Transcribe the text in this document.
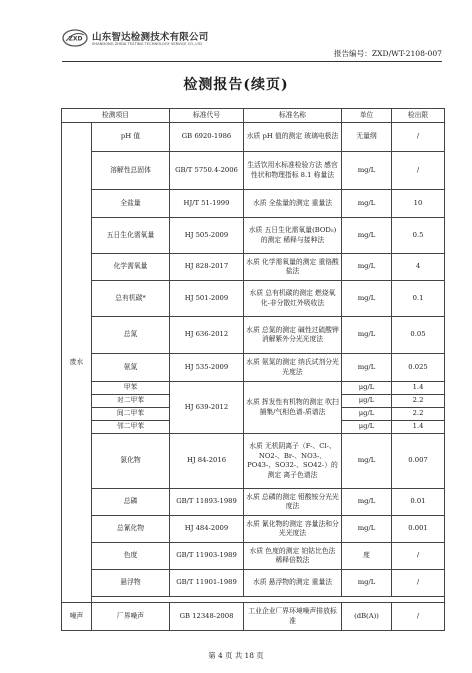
ZXD 山东智达检测技术有限公司
SHANDONG ZHIDA TESTING TECHNOLOGY SERVICE CO.,LTD
报告编号：ZXD/WT-2108-007
检测报告(续页)
检测项目		标准代号	标准名称	单位	检出限
废水	pH 值	GB 6920-1986	水质 pH 值的测定 玻璃电极法	无量纲	/
	溶解性总固体	GB/T 5750.4-2006	生活饮用水标准检验方法 感官性状和物理指标 8.1 称量法	mg/L	/
	全盐量	HJ/T 51-1999	水质 全盐量的测定 重量法	mg/L	10
	五日生化需氧量	HJ 505-2009	水质 五日生化需氧量(BOD₅)的测定 稀释与接种法	mg/L	0.5
	化学需氧量	HJ 828-2017	水质 化学需氧量的测定 重铬酸盐法	mg/L	4
	总有机碳*	HJ 501-2009	水质 总有机碳的测定 燃烧氧化-非分散红外吸收法	mg/L	0.1
	总氮	HJ 636-2012	水质 总氮的测定 碱性过硫酸钾消解紫外分光光度法	mg/L	0.05
	氨氮	HJ 535-2009	水质 氨氮的测定 纳氏试剂分光光度法	mg/L	0.025
	甲苯	HJ 639-2012	水质 挥发性有机物的测定 吹扫捕集/气相色谱-质谱法	μg/L	1.4
	对二甲苯			μg/L	2.2
	间二甲苯			μg/L	2.2
	邻二甲苯			μg/L	1.4
	氯化物	HJ 84-2016	水质 无机阴离子（F-、Cl-、NO2-、Br-、NO3-、PO43-、SO32-、SO42-）的测定 离子色谱法	mg/L	0.007
	总磷	GB/T 11893-1989	水质 总磷的测定 钼酸铵分光光度法	mg/L	0.01
	总氰化物	HJ 484-2009	水质 氰化物的测定 容量法和分光光度法	mg/L	0.001
	色度	GB/T 11903-1989	水质 色度的测定 铂钴比色法 稀释倍数法	度	/
	悬浮物	GB/T 11901-1989	水质 悬浮物的测定 重量法	mg/L	/

噪声	厂界噪声	GB 12348-2008	工业企业厂界环境噪声排放标准	(dB(A))	/
第 4 页 共 18 页
